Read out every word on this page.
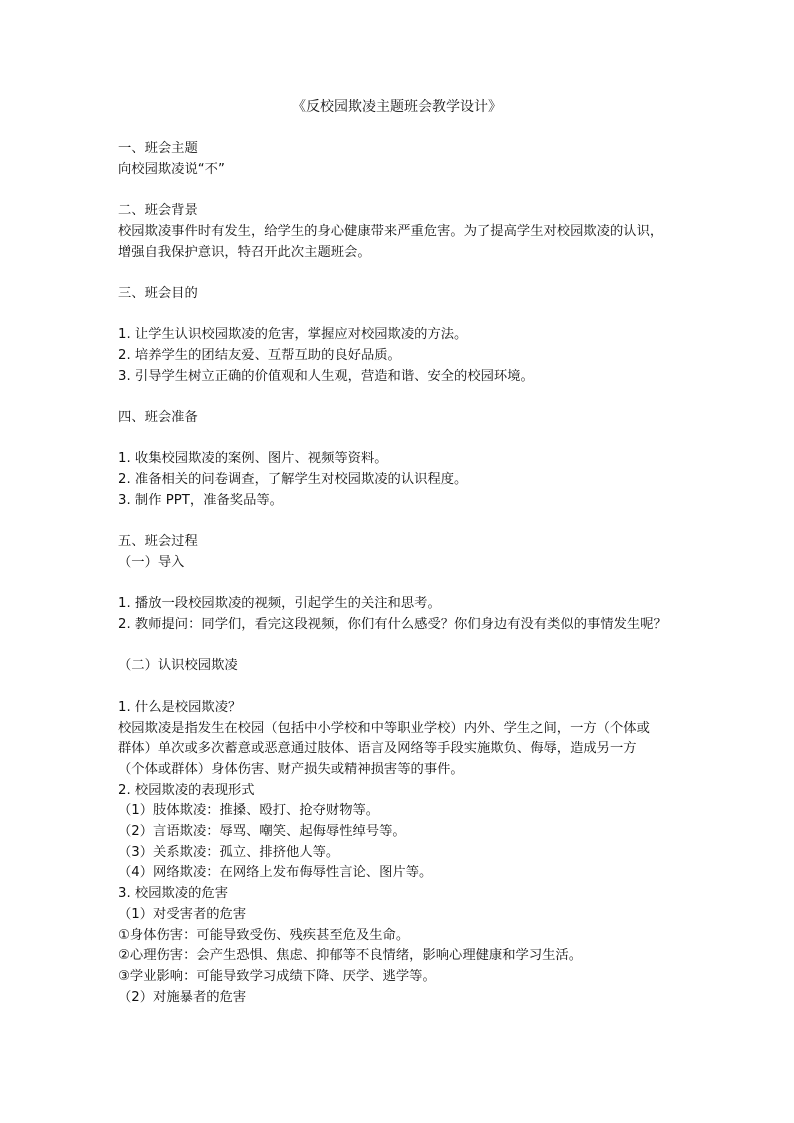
《反校园欺凌主题班会教学设计》

一、班会主题

向校园欺凌说“不”

二、班会背景

校园欺凌事件时有发生，给学生的身心健康带来严重危害。为了提高学生对校园欺凌的认识，

增强自我保护意识，特召开此次主题班会。

三、班会目的

1. 让学生认识校园欺凌的危害，掌握应对校园欺凌的方法。

2. 培养学生的团结友爱、互帮互助的良好品质。

3. 引导学生树立正确的价值观和人生观，营造和谐、安全的校园环境。

四、班会准备

1. 收集校园欺凌的案例、图片、视频等资料。

2. 准备相关的问卷调查，了解学生对校园欺凌的认识程度。

3. 制作 PPT，准备奖品等。

五、班会过程

（一）导入

1. 播放一段校园欺凌的视频，引起学生的关注和思考。

2. 教师提问：同学们，看完这段视频，你们有什么感受？你们身边有没有类似的事情发生呢？

（二）认识校园欺凌

1. 什么是校园欺凌？

校园欺凌是指发生在校园（包括中小学校和中等职业学校）内外、学生之间，一方（个体或

群体）单次或多次蓄意或恶意通过肢体、语言及网络等手段实施欺负、侮辱，造成另一方

（个体或群体）身体伤害、财产损失或精神损害等的事件。

2. 校园欺凌的表现形式

（1）肢体欺凌：推搡、殴打、抢夺财物等。

（2）言语欺凌：辱骂、嘲笑、起侮辱性绰号等。

（3）关系欺凌：孤立、排挤他人等。

（4）网络欺凌：在网络上发布侮辱性言论、图片等。

3. 校园欺凌的危害

（1）对受害者的危害

①身体伤害：可能导致受伤、残疾甚至危及生命。

②心理伤害：会产生恐惧、焦虑、抑郁等不良情绪，影响心理健康和学习生活。

③学业影响：可能导致学习成绩下降、厌学、逃学等。

（2）对施暴者的危害
